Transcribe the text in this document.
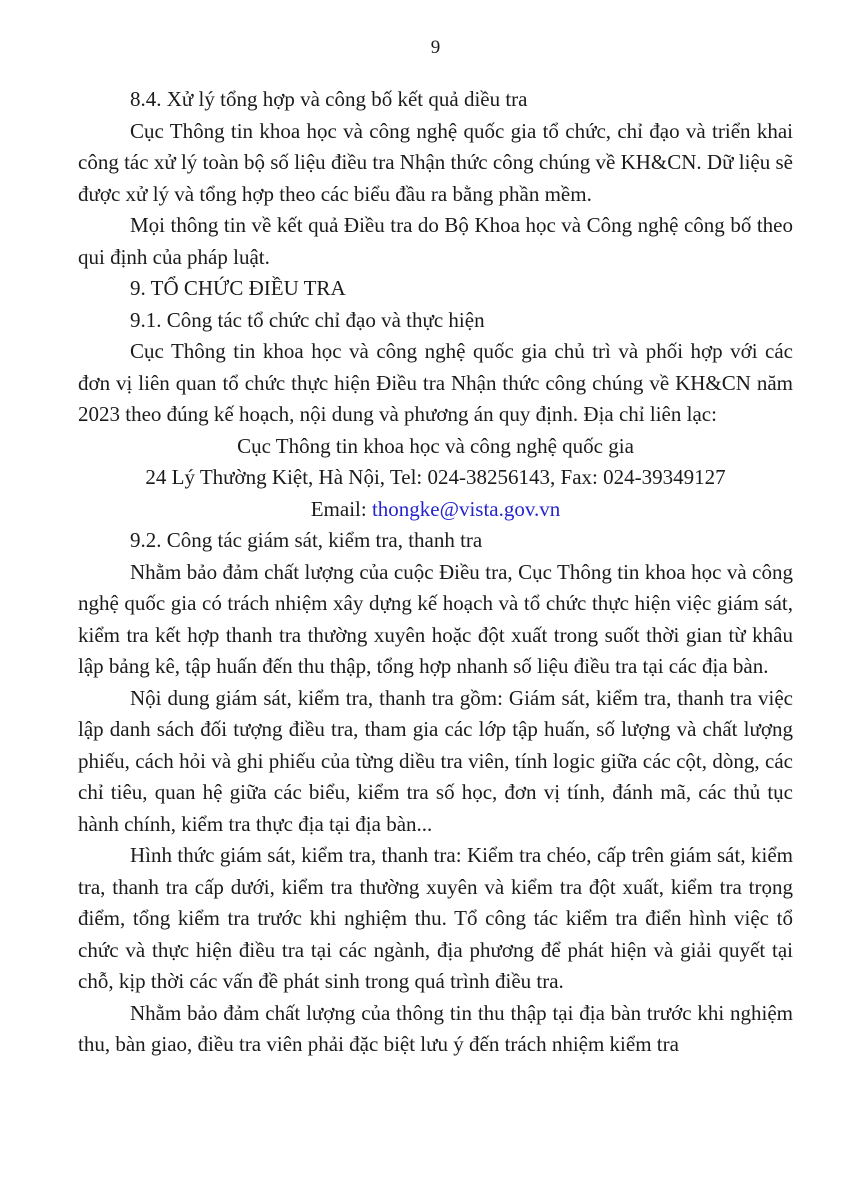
9
8.4. Xử lý tổng hợp và công bố kết quả diều tra

Cục Thông tin khoa học và công nghệ quốc gia tổ chức, chỉ đạo và triển khai công tác xử lý toàn bộ số liệu điều tra Nhận thức công chúng về KH&CN. Dữ liệu sẽ được xử lý và tổng hợp theo các biểu đầu ra bằng phần mềm.

Mọi thông tin về kết quả Điều tra do Bộ Khoa học và Công nghệ công bố theo qui định của pháp luật.

9. TỔ CHỨC ĐIỀU TRA
9.1. Công tác tổ chức chỉ đạo và thực hiện

Cục Thông tin khoa học và công nghệ quốc gia chủ trì và phối hợp với các đơn vị liên quan tổ chức thực hiện Điều tra Nhận thức công chúng về KH&CN năm 2023 theo đúng kế hoạch, nội dung và phương án quy định. Địa chỉ liên lạc:

Cục Thông tin khoa học và công nghệ quốc gia

24 Lý Thường Kiệt, Hà Nội, Tel: 024-38256143, Fax: 024-39349127

Email: thongke@vista.gov.vn

9.2. Công tác giám sát, kiểm tra, thanh tra

Nhằm bảo đảm chất lượng của cuộc Điều tra, Cục Thông tin khoa học và công nghệ quốc gia có trách nhiệm xây dựng kế hoạch và tổ chức thực hiện việc giám sát, kiểm tra kết hợp thanh tra thường xuyên hoặc đột xuất trong suốt thời gian từ khâu lập bảng kê, tập huấn đến thu thập, tổng hợp nhanh số liệu điều tra tại các địa bàn.

Nội dung giám sát, kiểm tra, thanh tra gồm: Giám sát, kiểm tra, thanh tra việc lập danh sách đối tượng điều tra, tham gia các lớp tập huấn, số lượng và chất lượng phiếu, cách hỏi và ghi phiếu của từng diều tra viên, tính logic giữa các cột, dòng, các chỉ tiêu, quan hệ giữa các biểu, kiểm tra số học, đơn vị tính, đánh mã, các thủ tục hành chính, kiểm tra thực địa tại địa bàn...

Hình thức giám sát, kiểm tra, thanh tra: Kiểm tra chéo, cấp trên giám sát, kiểm tra, thanh tra cấp dưới, kiểm tra thường xuyên và kiểm tra đột xuất, kiểm tra trọng điểm, tổng kiểm tra trước khi nghiệm thu. Tổ công tác kiểm tra điển hình việc tổ chức và thực hiện điều tra tại các ngành, địa phương để phát hiện và giải quyết tại chỗ, kịp thời các vấn đề phát sinh trong quá trình điều tra.

Nhằm bảo đảm chất lượng của thông tin thu thập tại địa bàn trước khi nghiệm thu, bàn giao, điều tra viên phải đặc biệt lưu ý đến trách nhiệm kiểm tra
